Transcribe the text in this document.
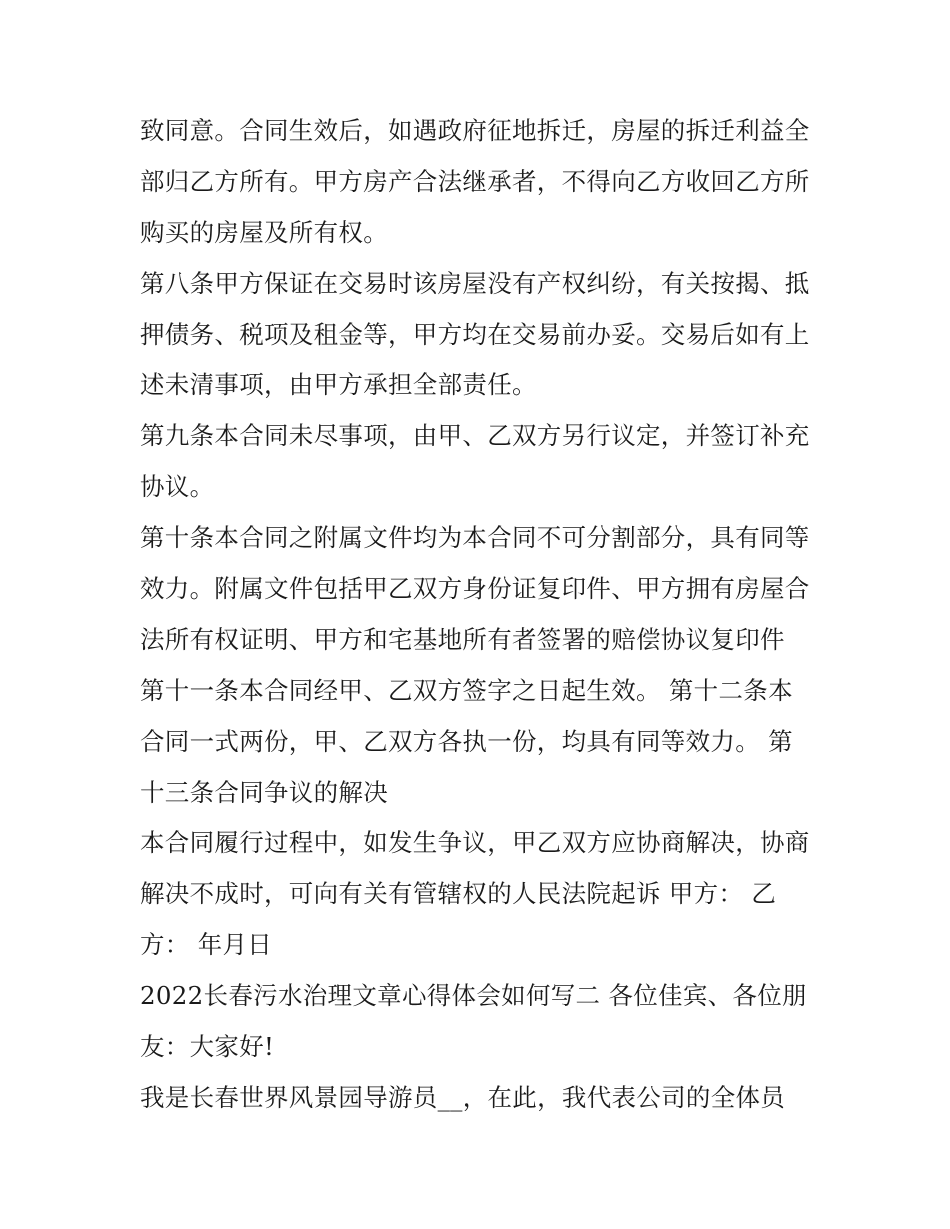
致同意。合同生效后，如遇政府征地拆迁，房屋的拆迁利益全
部归乙方所有。甲方房产合法继承者，不得向乙方收回乙方所
购买的房屋及所有权。
第八条甲方保证在交易时该房屋没有产权纠纷，有关按揭、抵
押债务、税项及租金等，甲方均在交易前办妥。交易后如有上
述未清事项，由甲方承担全部责任。
第九条本合同未尽事项，由甲、乙双方另行议定，并签订补充
协议。
第十条本合同之附属文件均为本合同不可分割部分，具有同等
效力。附属文件包括甲乙双方身份证复印件、甲方拥有房屋合
法所有权证明、甲方和宅基地所有者签署的赔偿协议复印件
第十一条本合同经甲、乙双方签字之日起生效。 第十二条本
合同一式两份，甲、乙双方各执一份，均具有同等效力。 第
十三条合同争议的解决
本合同履行过程中，如发生争议，甲乙双方应协商解决，协商
解决不成时，可向有关有管辖权的人民法院起诉 甲方： 乙
方： 年月日
2022长春污水治理文章心得体会如何写二 各位佳宾、各位朋
友：大家好!
我是长春世界风景园导游员__，在此，我代表公司的全体员
